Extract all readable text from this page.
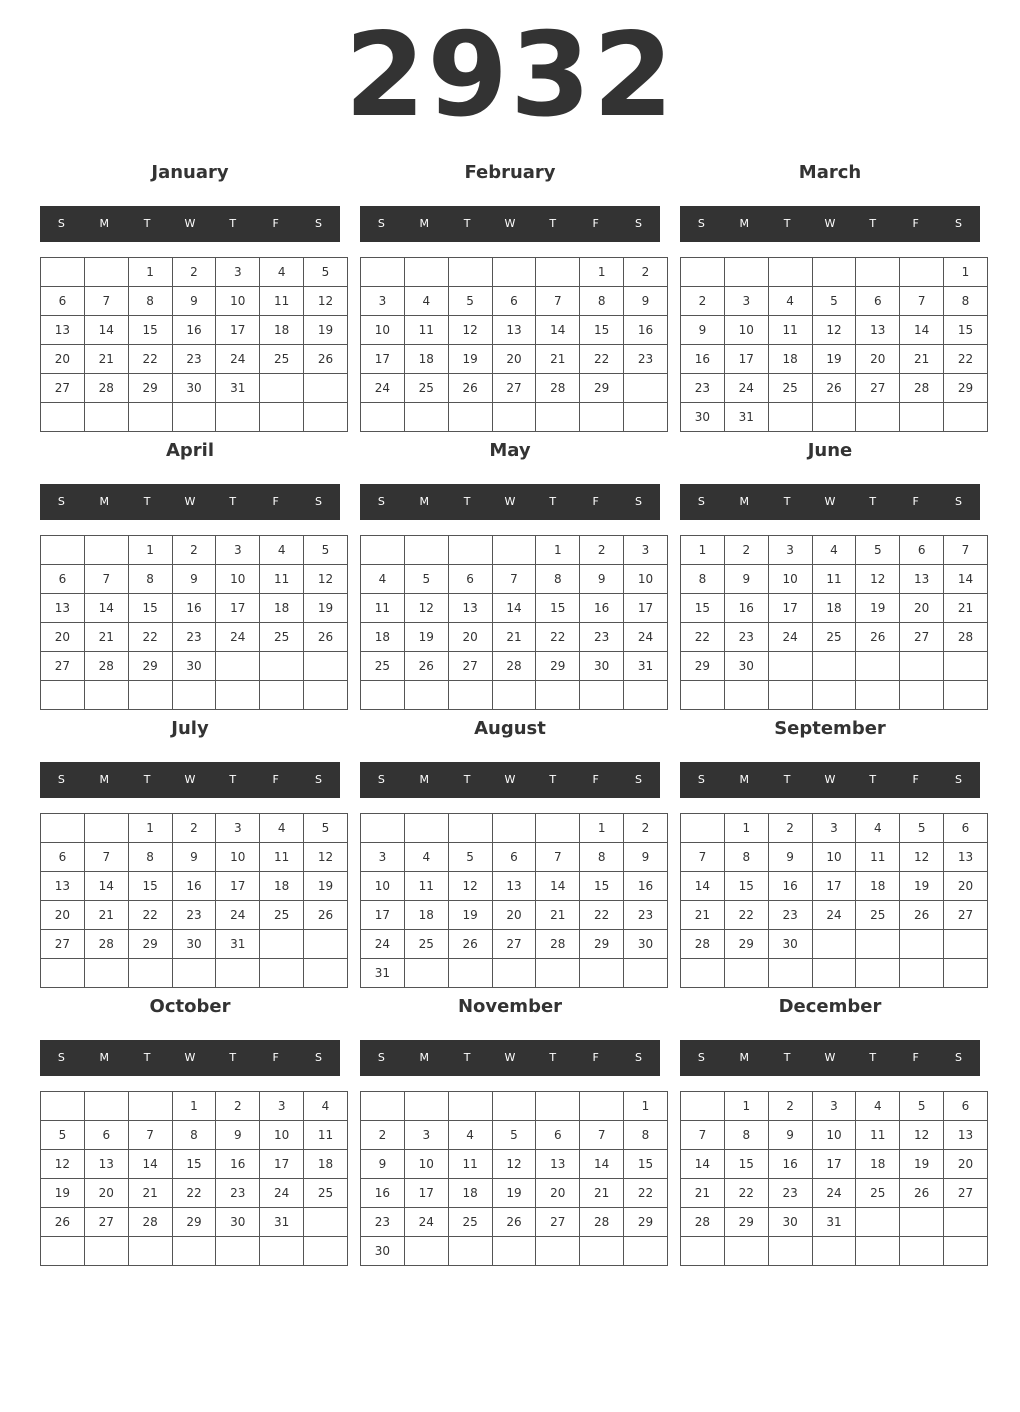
2932
January
S	M	T	W	T	F	S
		1	2	3	4	5
6	7	8	9	10	11	12
13	14	15	16	17	18	19
20	21	22	23	24	25	26
27	28	29	30	31		

February
S	M	T	W	T	F	S
					1	2
3	4	5	6	7	8	9
10	11	12	13	14	15	16
17	18	19	20	21	22	23
24	25	26	27	28	29	

March
S	M	T	W	T	F	S
						1
2	3	4	5	6	7	8
9	10	11	12	13	14	15
16	17	18	19	20	21	22
23	24	25	26	27	28	29
30	31					
April
S	M	T	W	T	F	S
		1	2	3	4	5
6	7	8	9	10	11	12
13	14	15	16	17	18	19
20	21	22	23	24	25	26
27	28	29	30			

May
S	M	T	W	T	F	S
				1	2	3
4	5	6	7	8	9	10
11	12	13	14	15	16	17
18	19	20	21	22	23	24
25	26	27	28	29	30	31

June
S	M	T	W	T	F	S
1	2	3	4	5	6	7
8	9	10	11	12	13	14
15	16	17	18	19	20	21
22	23	24	25	26	27	28
29	30					

July
S	M	T	W	T	F	S
		1	2	3	4	5
6	7	8	9	10	11	12
13	14	15	16	17	18	19
20	21	22	23	24	25	26
27	28	29	30	31		

August
S	M	T	W	T	F	S
					1	2
3	4	5	6	7	8	9
10	11	12	13	14	15	16
17	18	19	20	21	22	23
24	25	26	27	28	29	30
31						
September
S	M	T	W	T	F	S
	1	2	3	4	5	6
7	8	9	10	11	12	13
14	15	16	17	18	19	20
21	22	23	24	25	26	27
28	29	30				

October
S	M	T	W	T	F	S
			1	2	3	4
5	6	7	8	9	10	11
12	13	14	15	16	17	18
19	20	21	22	23	24	25
26	27	28	29	30	31	

November
S	M	T	W	T	F	S
						1
2	3	4	5	6	7	8
9	10	11	12	13	14	15
16	17	18	19	20	21	22
23	24	25	26	27	28	29
30						
December
S	M	T	W	T	F	S
	1	2	3	4	5	6
7	8	9	10	11	12	13
14	15	16	17	18	19	20
21	22	23	24	25	26	27
28	29	30	31			
